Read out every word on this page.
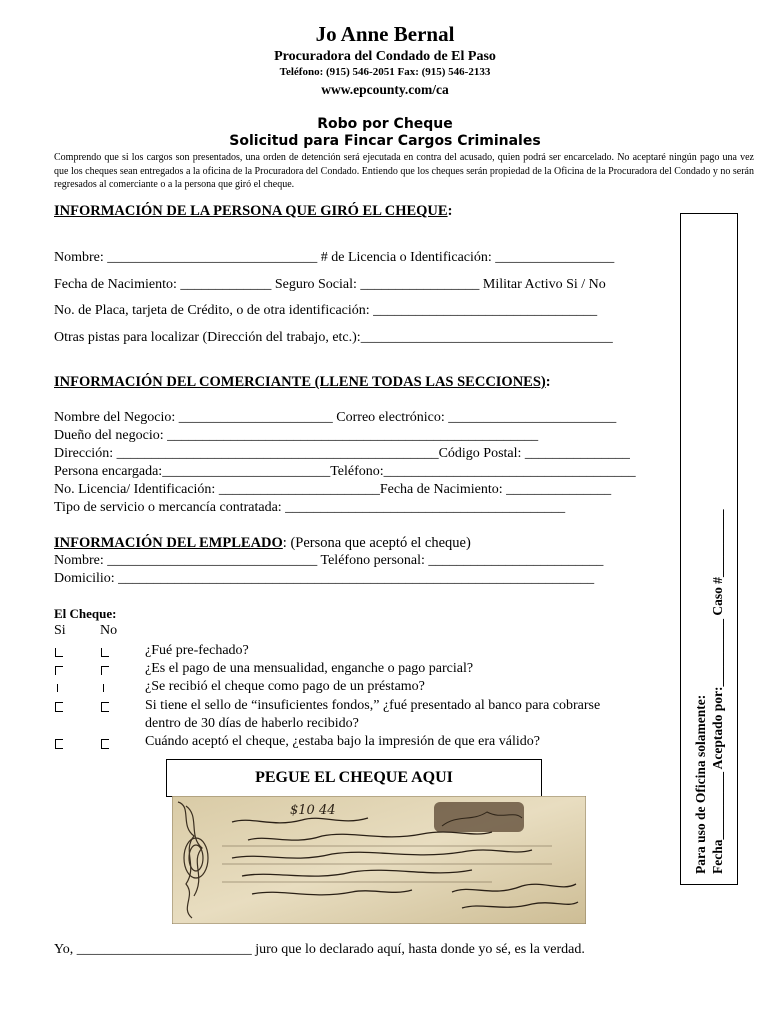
Jo Anne Bernal
Procuradora del Condado de El Paso
Teléfono: (915) 546-2051 Fax: (915) 546-2133
www.epcounty.com/ca
Robo por Cheque
Solicitud para Fincar Cargos Criminales
Comprendo que si los cargos son presentados, una orden de detención será ejecutada en contra del acusado, quien podrá ser encarcelado. No aceptaré ningún pago una vez que los cheques sean entregados a la oficina de la Procuradora del Condado. Entiendo que los cheques serán propiedad de la Oficina de la Procuradora del Condado y no serán regresados al comerciante o a la persona que giró el cheque.
INFORMACIÓN DE LA PERSONA QUE GIRÓ EL CHEQUE:
Nombre: ______________________________ # de Licencia o Identificación: _________________
Fecha de Nacimiento: _____________ Seguro Social: _________________ Militar Activo Si / No
No. de Placa, tarjeta de Crédito, o de otra identificación: ________________________________
Otras pistas para localizar (Dirección del trabajo, etc.):____________________________________
INFORMACIÓN DEL COMERCIANTE (LLENE TODAS LAS SECCIONES):
Nombre del Negocio: ______________________ Correo electrónico: ________________________
Dueño del negocio: _____________________________________________________
Dirección: ______________________________________________Código Postal: _______________
Persona encargada:________________________Teléfono:____________________________________
No. Licencia/ Identificación: _______________________Fecha de Nacimiento: _______________
Tipo de servicio o mercancía contratada: ________________________________________
INFORMACIÓN DEL EMPLEADO: (Persona que aceptó el cheque)
Nombre: ______________________________ Teléfono personal: _________________________
Domicilio: ____________________________________________________________________
El Cheque:
Si No
¿Fué pre-fechado?
¿Es el pago de una mensualidad, enganche o pago parcial?
¿Se recibió el cheque como pago de un préstamo?
Si tiene el sello de “insuficientes fondos,” ¿fué presentado al banco para cobrarse
dentro de 30 días de haberlo recibido?
Cuándo aceptó el cheque, ¿estaba bajo la impresión de que era válido?
PEGUE EL CHEQUE AQUI
$10 44	Para uso de Oficina solamente: Fecha__________ Aceptado por:__________ Caso #__________
Yo, _________________________ juro que lo declarado aquí, hasta donde yo sé, es la verdad.
